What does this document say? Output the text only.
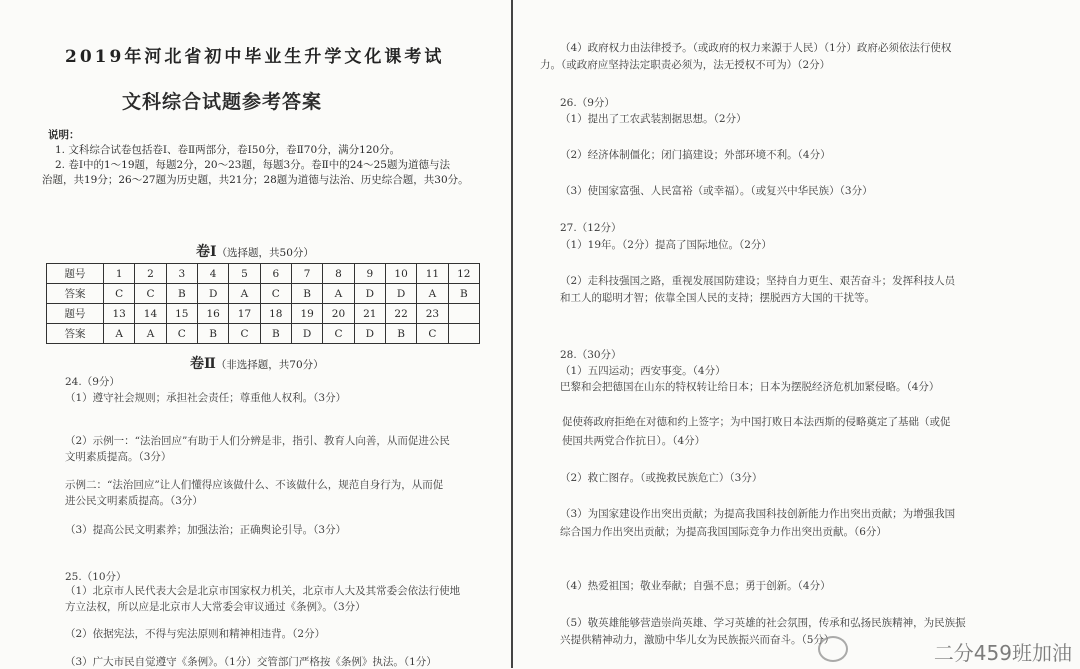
2019年河北省初中毕业生升学文化课考试
文科综合试题参考答案
说明：
1. 文科综合试卷包括卷Ⅰ、卷Ⅱ两部分，卷Ⅰ50分，卷Ⅱ70分，满分120分。
2. 卷Ⅰ中的1～19题，每题2分，20～23题，每题3分。卷Ⅱ中的24～25题为道德与法
治题，共19分；26～27题为历史题，共21分；28题为道德与法治、历史综合题，共30分。
卷Ⅰ（选择题，共50分）
题号	1	2	3	4	5	6	7	8	9	10	11	12
答案	C	C	B	D	A	C	B	A	D	D	A	B
题号	13	14	15	16	17	18	19	20	21	22	23	
答案	A	A	C	B	C	B	D	C	D	B	C	
卷Ⅱ（非选择题，共70分）
24.（9分）
（1）遵守社会规则；承担社会责任；尊重他人权利。（3分）
（2）示例一：“法治回应”有助于人们分辨是非，指引、教育人向善，从而促进公民
文明素质提高。（3分）
示例二：“法治回应”让人们懂得应该做什么、不该做什么，规范自身行为，从而促
进公民文明素质提高。（3分）
（3）提高公民文明素养；加强法治；正确舆论引导。（3分）
25.（10分）
（1）北京市人民代表大会是北京市国家权力机关，北京市人大及其常委会依法行使地
方立法权，所以应是北京市人大常委会审议通过《条例》。（3分）
（2）依据宪法，不得与宪法原则和精神相违背。（2分）
（3）广大市民自觉遵守《条例》。（1分）交管部门严格按《条例》执法。（1分）
（4）政府权力由法律授予。（或政府的权力来源于人民）（1分）政府必须依法行使权
力。（或政府应坚持法定职责必须为，法无授权不可为）（2分）
26.（9分）
（1）提出了工农武装割据思想。（2分）
（2）经济体制僵化；闭门搞建设；外部环境不利。（4分）
（3）使国家富强、人民富裕（或幸福）。（或复兴中华民族）（3分）
27.（12分）
（1）19年。（2分）提高了国际地位。（2分）
（2）走科技强国之路，重视发展国防建设；坚持自力更生、艰苦奋斗；发挥科技人员
和工人的聪明才智；依靠全国人民的支持；摆脱西方大国的干扰等。
28.（30分）
（1）五四运动；西安事变。（4分）
巴黎和会把德国在山东的特权转让给日本；日本为摆脱经济危机加紧侵略。（4分）
促使蒋政府拒绝在对德和约上签字；为中国打败日本法西斯的侵略奠定了基础（或促
使国共两党合作抗日）。（4分）
（2）救亡图存。（或挽救民族危亡）（3分）
（3）为国家建设作出突出贡献；为提高我国科技创新能力作出突出贡献；为增强我国
综合国力作出突出贡献；为提高我国国际竞争力作出突出贡献。（6分）
（4）热爱祖国；敬业奉献；自强不息；勇于创新。（4分）
（5）敬英雄能够营造崇尚英雄、学习英雄的社会氛围，传承和弘扬民族精神，为民族振
兴提供精神动力，激励中华儿女为民族振兴而奋斗。（5分）
二分459班加油
